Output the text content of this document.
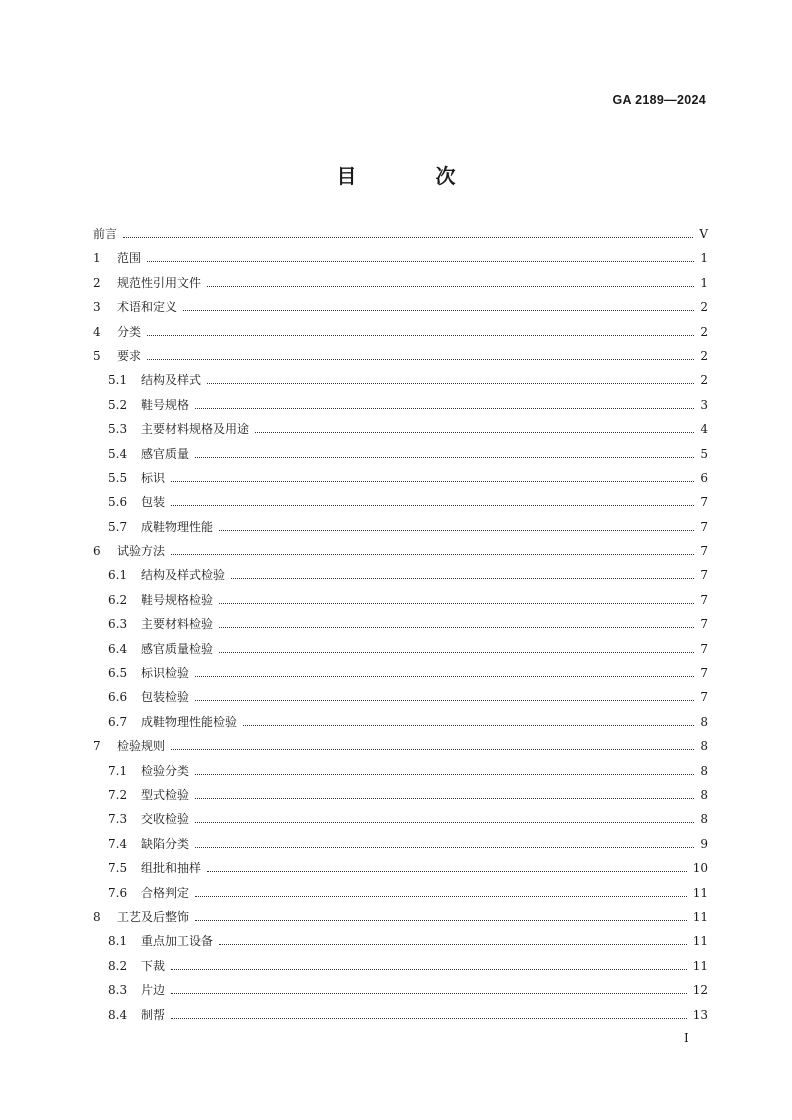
GA 2189—2024
目 次
前言	V
1	范围	1
2	规范性引用文件	1
3	术语和定义	2
4	分类	2
5	要求	2
5.1	结构及样式	2
5.2	鞋号规格	3
5.3	主要材料规格及用途	4
5.4	感官质量	5
5.5	标识	6
5.6	包装	7
5.7	成鞋物理性能	7
6	试验方法	7
6.1	结构及样式检验	7
6.2	鞋号规格检验	7
6.3	主要材料检验	7
6.4	感官质量检验	7
6.5	标识检验	7
6.6	包装检验	7
6.7	成鞋物理性能检验	8
7	检验规则	8
7.1	检验分类	8
7.2	型式检验	8
7.3	交收检验	8
7.4	缺陷分类	9
7.5	组批和抽样	10
7.6	合格判定	11
8	工艺及后整饰	11
8.1	重点加工设备	11
8.2	下裁	11
8.3	片边	12
8.4	制帮	13
I
